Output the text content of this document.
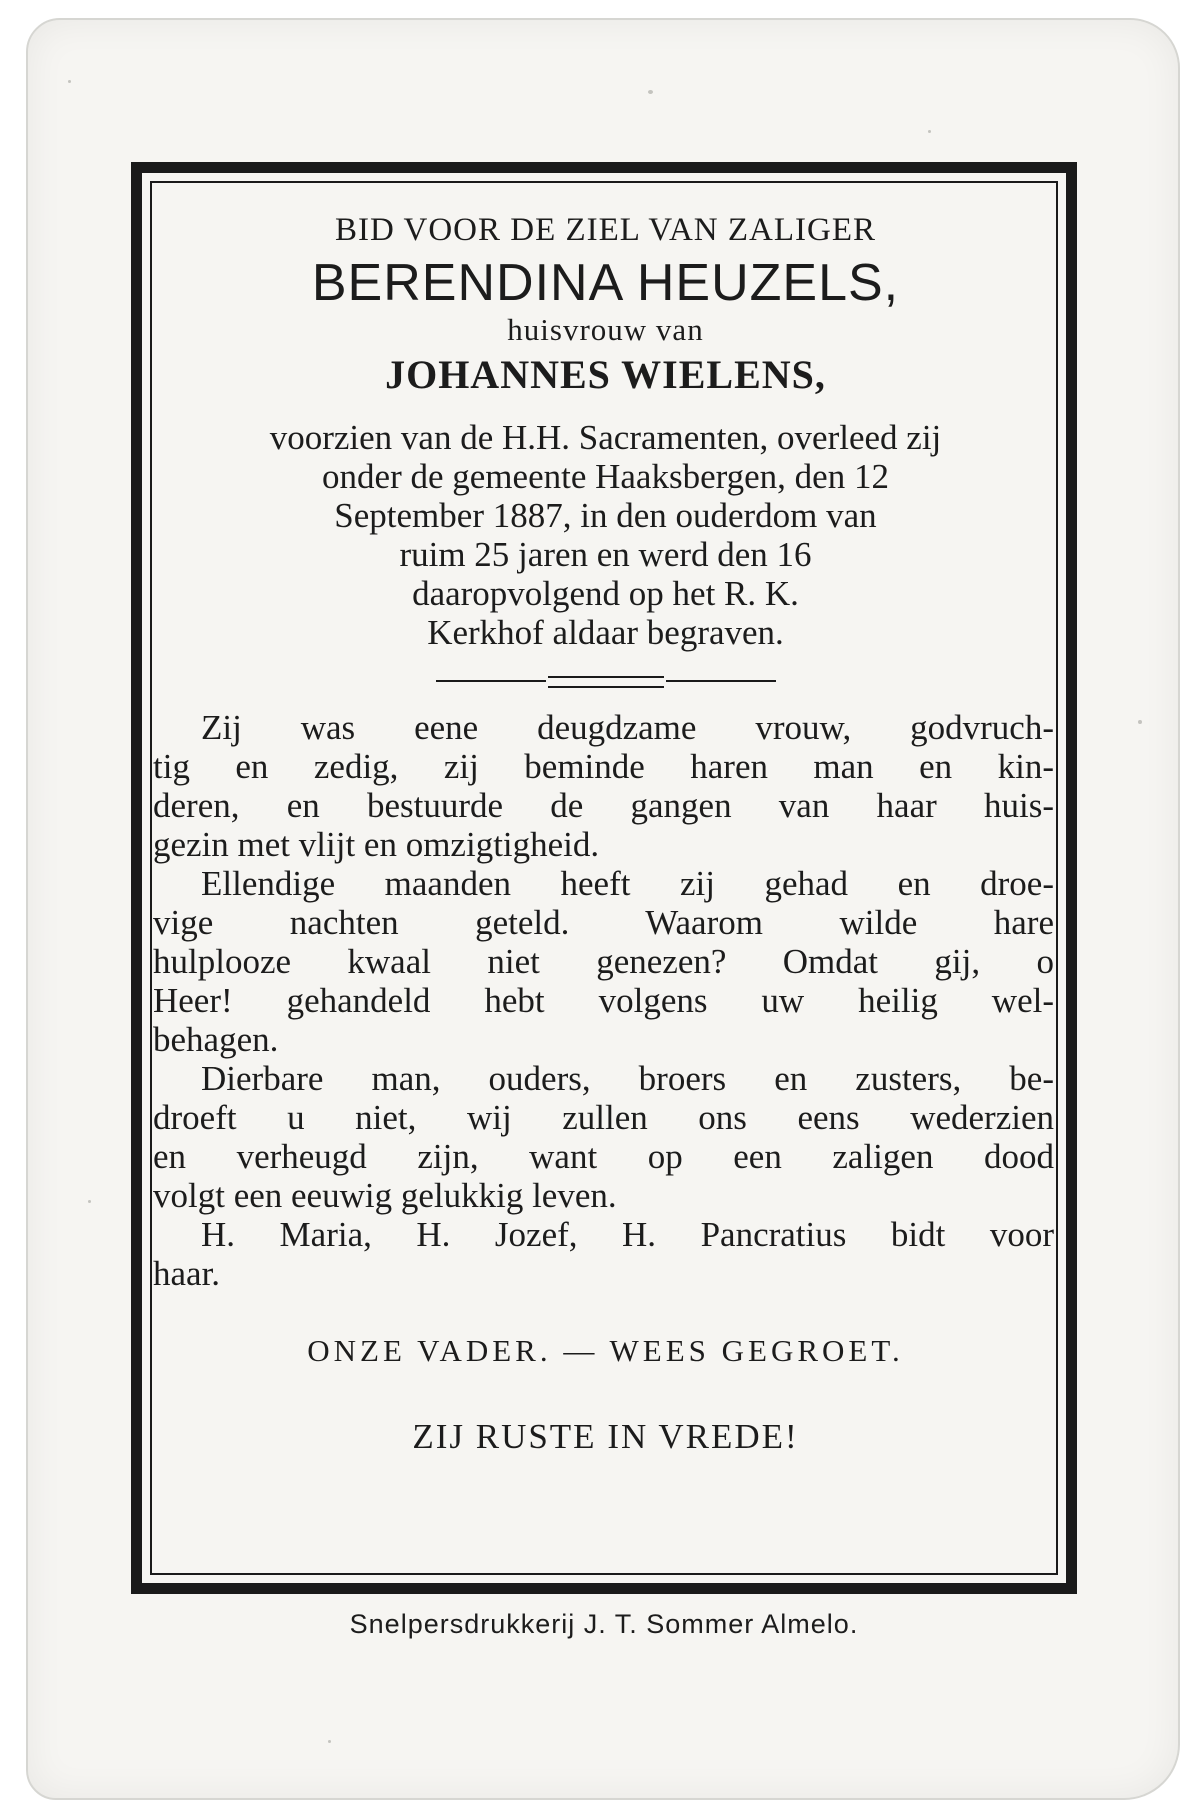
BID VOOR DE ZIEL VAN ZALIGER
BERENDINA HEUZELS,
huisvrouw van
JOHANNES WIELENS,
voorzien van de H.H. Sacramenten, overleed zij
onder de gemeente Haaksbergen, den 12
September 1887, in den ouderdom van
ruim 25 jaren en werd den 16
daaropvolgend op het R. K.
Kerkhof aldaar begraven.
Zij was eene deugdzame vrouw, godvruch-
tig en zedig, zij beminde haren man en kin-
deren, en bestuurde de gangen van haar huis-
gezin met vlijt en omzigtigheid.
Ellendige maanden heeft zij gehad en droe-
vige nachten geteld. Waarom wilde hare
hulplooze kwaal niet genezen? Omdat gij, o
Heer! gehandeld hebt volgens uw heilig wel-
behagen.
Dierbare man, ouders, broers en zusters, be-
droeft u niet, wij zullen ons eens wederzien
en verheugd zijn, want op een zaligen dood
volgt een eeuwig gelukkig leven.
H. Maria, H. Jozef, H. Pancratius bidt voor
haar.
ONZE VADER. — WEES GEGROET.
ZIJ RUSTE IN VREDE!
Snelpersdrukkerij J. T. Sommer Almelo.
